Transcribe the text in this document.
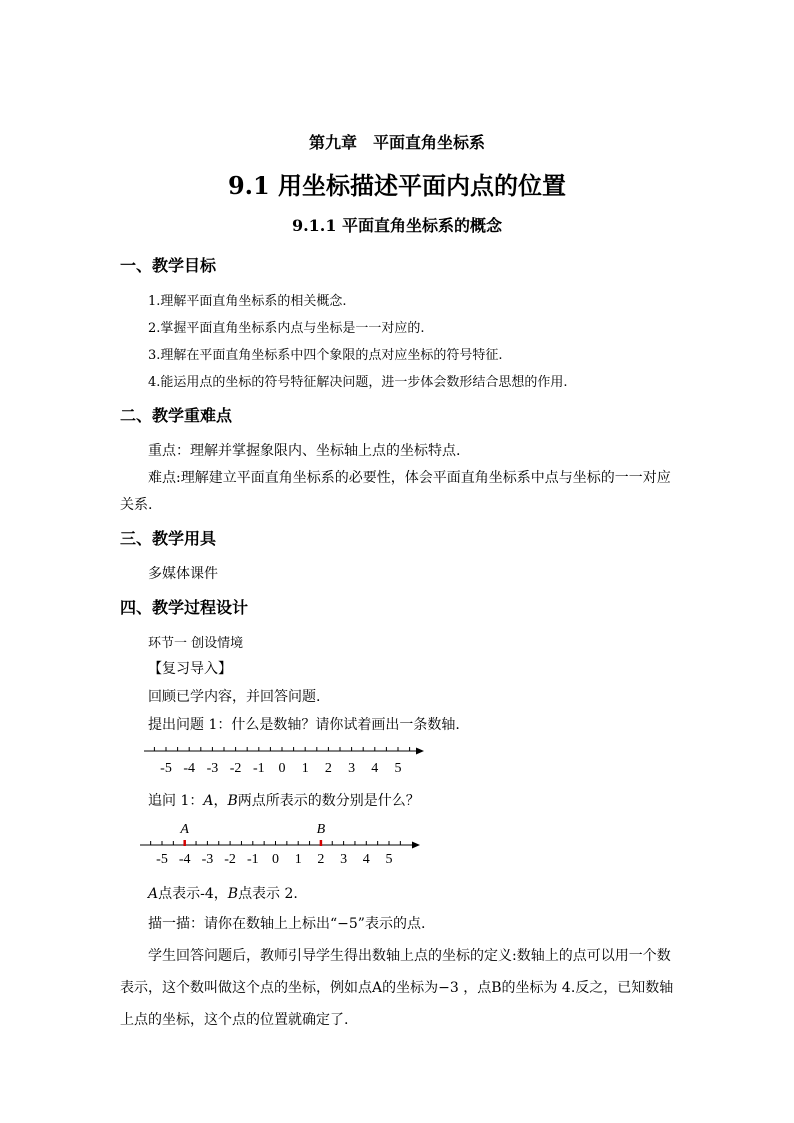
第九章　平面直角坐标系
9.1 用坐标描述平面内点的位置
9.1.1 平面直角坐标系的概念
一、教学目标
1.理解平面直角坐标系的相关概念.
2.掌握平面直角坐标系内点与坐标是一一对应的.
3.理解在平面直角坐标系中四个象限的点对应坐标的符号特征.
4.能运用点的坐标的符号特征解决问题，进一步体会数形结合思想的作用.
二、教学重难点
重点：理解并掌握象限内、坐标轴上点的坐标特点.
难点:理解建立平面直角坐标系的必要性，体会平面直角坐标系中点与坐标的一一对应
关系.
三、教学用具
多媒体课件
四、教学过程设计
环节一 创设情境
【复习导入】
回顾已学内容，并回答问题.
提出问题 1：什么是数轴？请你试着画出一条数轴.
-5 -4 -3 -2 -1 0 1 2 3 4 5
-5 -4 -3 -2 -1 0 1 2 3 4 5
A	B
追问 1：A，B两点所表示的数分别是什么？
A点表示-4，B点表示 2.
描一描：请你在数轴上上标出“−5”表示的点.
学生回答问题后，教师引导学生得出数轴上点的坐标的定义:数轴上的点可以用一个数
表示，这个数叫做这个点的坐标，例如点A的坐标为−3 ，点B的坐标为 4.反之，已知数轴
上点的坐标，这个点的位置就确定了.
